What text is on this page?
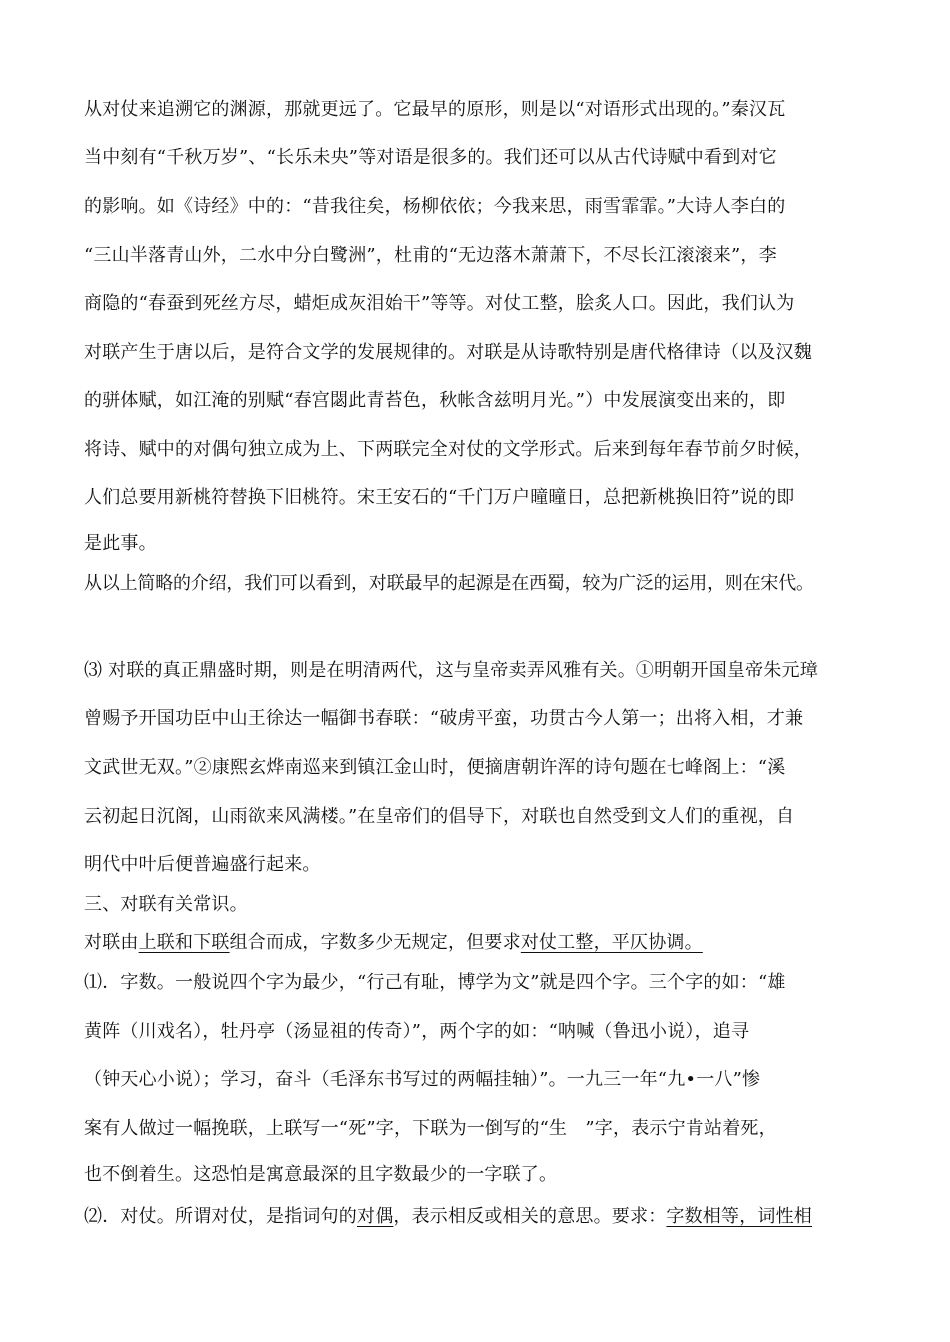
从对仗来追溯它的渊源，那就更远了。它最早的原形，则是以“对语形式出现的。”秦汉瓦
当中刻有“千秋万岁”、“长乐未央”等对语是很多的。我们还可以从古代诗赋中看到对它
的影响。如《诗经》中的：“昔我往矣，杨柳依依；今我来思，雨雪霏霏。”大诗人李白的
“三山半落青山外，二水中分白鹭洲”，杜甫的“无边落木萧萧下，不尽长江滚滚来”，李
商隐的“春蚕到死丝方尽，蜡炬成灰泪始干”等等。对仗工整，脍炙人口。因此，我们认为
对联产生于唐以后，是符合文学的发展规律的。对联是从诗歌特别是唐代格律诗（以及汉魏
的骈体赋，如江淹的别赋“春宫閟此青苔色，秋帐含兹明月光。”）中发展演变出来的，即
将诗、赋中的对偶句独立成为上、下两联完全对仗的文学形式。后来到每年春节前夕时候，
人们总要用新桃符替换下旧桃符。宋王安石的“千门万户曈曈日，总把新桃换旧符”说的即
是此事。
从以上简略的介绍，我们可以看到，对联最早的起源是在西蜀，较为广泛的运用，则在宋代。
⑶ 对联的真正鼎盛时期，则是在明清两代，这与皇帝卖弄风雅有关。①明朝开国皇帝朱元璋
曾赐予开国功臣中山王徐达一幅御书春联：“破虏平蛮，功贯古今人第一；出将入相，才兼
文武世无双。”②康熙玄烨南巡来到镇江金山时，便摘唐朝许浑的诗句题在七峰阁上：“溪
云初起日沉阁，山雨欲来风满楼。”在皇帝们的倡导下，对联也自然受到文人们的重视，自
明代中叶后便普遍盛行起来。
三、对联有关常识。
对联由上联和下联组合而成，字数多少无规定，但要求对仗工整，平仄协调。
⑴．字数。一般说四个字为最少，“行己有耻，博学为文”就是四个字。三个字的如：“雄
黄阵（川戏名），牡丹亭（汤显祖的传奇）”，两个字的如：“呐喊（鲁迅小说），追寻
（钟天心小说）；学习，奋斗（毛泽东书写过的两幅挂轴）”。一九三一年“九•一八”惨
案有人做过一幅挽联，上联写一“死”字，下联为一倒写的“生　”字，表示宁肯站着死，
也不倒着生。这恐怕是寓意最深的且字数最少的一字联了。
⑵．对仗。所谓对仗，是指词句的对偶，表示相反或相关的意思。要求：字数相等，词性相
